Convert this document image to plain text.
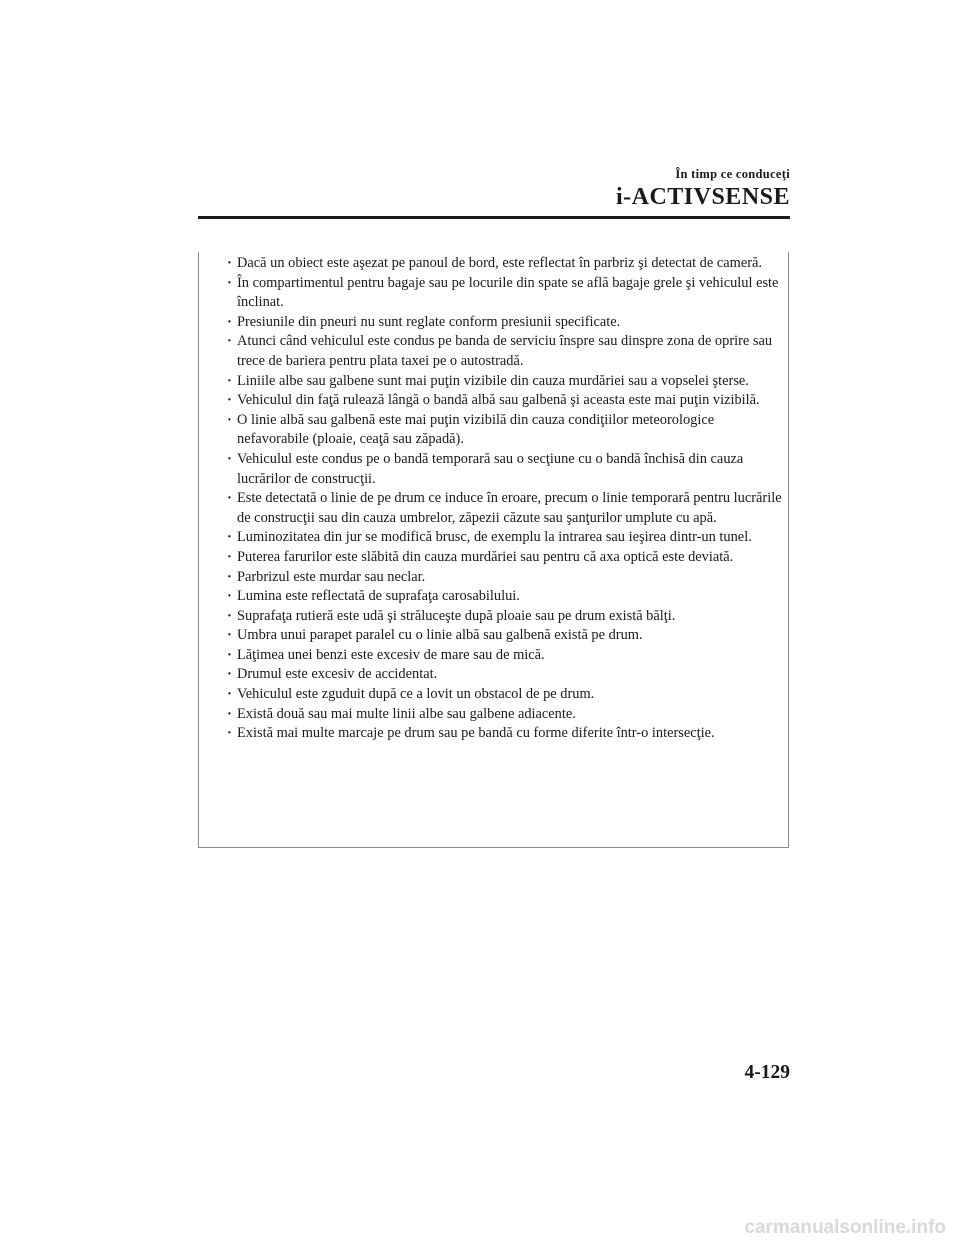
În timp ce conduceţi
i-ACTIVSENSE
· Dacă un obiect este aşezat pe panoul de bord, este reflectat în parbriz şi detectat de cameră.
· În compartimentul pentru bagaje sau pe locurile din spate se află bagaje grele şi vehiculul este înclinat.
· Presiunile din pneuri nu sunt reglate conform presiunii specificate.
· Atunci când vehiculul este condus pe banda de serviciu înspre sau dinspre zona de oprire sau trece de bariera pentru plata taxei pe o autostradă.
· Liniile albe sau galbene sunt mai puţin vizibile din cauza murdăriei sau a vopselei şterse.
· Vehiculul din faţă rulează lângă o bandă albă sau galbenă şi aceasta este mai puţin vizibilă.
· O linie albă sau galbenă este mai puţin vizibilă din cauza condiţiilor meteorologice nefavorabile (ploaie, ceaţă sau zăpadă).
· Vehiculul este condus pe o bandă temporară sau o secţiune cu o bandă închisă din cauza lucrărilor de construcţii.
· Este detectată o linie de pe drum ce induce în eroare, precum o linie temporară pentru lucrările de construcţii sau din cauza umbrelor, zăpezii căzute sau şanţurilor umplute cu apă.
· Luminozitatea din jur se modifică brusc, de exemplu la intrarea sau ieşirea dintr-un tunel.
· Puterea farurilor este slăbită din cauza murdăriei sau pentru că axa optică este deviată.
· Parbrizul este murdar sau neclar.
· Lumina este reflectată de suprafaţa carosabilului.
· Suprafaţa rutieră este udă şi străluceşte după ploaie sau pe drum există bălţi.
· Umbra unui parapet paralel cu o linie albă sau galbenă există pe drum.
· Lăţimea unei benzi este excesiv de mare sau de mică.
· Drumul este excesiv de accidentat.
· Vehiculul este zguduit după ce a lovit un obstacol de pe drum.
· Există două sau mai multe linii albe sau galbene adiacente.
· Există mai multe marcaje pe drum sau pe bandă cu forme diferite într-o intersecţie.
4-129
carmanualsonline.info
